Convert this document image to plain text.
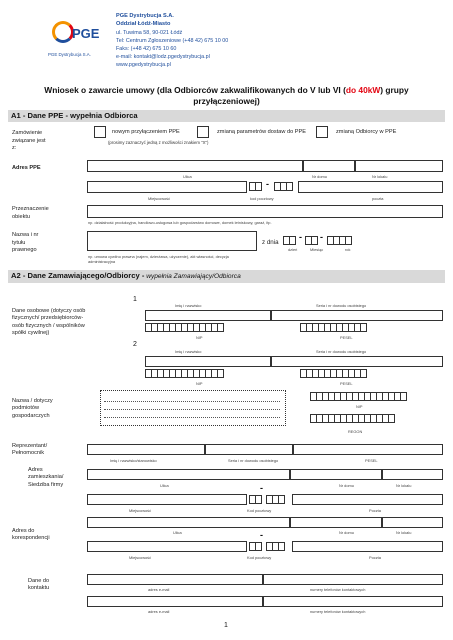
PGE
PGE Dystrybucja S.A.
PGE Dystrybucja S.A.
Oddział Łódź-Miasto
ul. Tuwima 58, 90-021 Łódź
Tel: Centrum Zgłoszeniowe (+48 42) 675 10 00
Faks: (+48 42) 675 10 60
e-mail: kontakt@lodz.pgedystrybucja.pl
www.pgedystrybucja.pl
Wniosek o zawarcie umowy (dla Odbiorców zakwalifikowanych do V lub VI (do 40kW) grupy
przyłączeniowej)
A1 - Dane PPE - wypełnia Odbiorca
Zamówienie związane jest z:
nowym przyłączeniem PPE	zmianą parametrów dostaw do PPE	zmianą Odbiorcy w PPE
(prosimy zaznaczyć jedną z możliwości znakiem "X")
Adres PPE
Ulica	Nr domu	Nr lokalu
-
Miejscowość	kod pocztowy	poczta
Przeznaczenie obiektu
np. działalność produkcyjna, handlowo-usługowa lub gospodarstwo domowe, domek letniskowy, garaż, itp.
Nazwa i nr tytułu prawnego
z dnia
- -
dzień	Miesiąc	rok
np. umowa cywilno prawna (najem, dzierżawa, użyczenie), akt własności, decyzja administracyjna
A2 - Dane Zamawiającego/Odbiorcy - wypełnia Zamawiający/Odbiorca
Dane osobowe (dotyczy osób fizycznych/ przedsiębiorców-osób fizycznych / wspólników spółki cywilnej)
1
2
Imię i nazwisko	Seria i nr dowodu osobistego
NIP	PESEL
Imię i nazwisko	Seria i nr dowodu osobistego
NIP	PESEL
Nazwa / dotyczy podmiotów gospodarczych
NIP
REGON
Reprezentant/ Pełnomocnik
Imię i nazwisko/stanowisko	Seria i nr dowodu osobistego	PESEL
Adres zamieszkania/ Siedziba firmy	Ulica	Nr domu	Nr lokalu
-
Miejscowość	Kod pocztowy	Poczta
Adres do korespondencji
Ulica	Nr domu	Nr lokalu
-
Miejscowość	Kod pocztowy	Poczta
Dane do kontaktu	adres e-mail	numery telefonów kontaktowych
adres e-mail	numery telefonów kontaktowych
1
